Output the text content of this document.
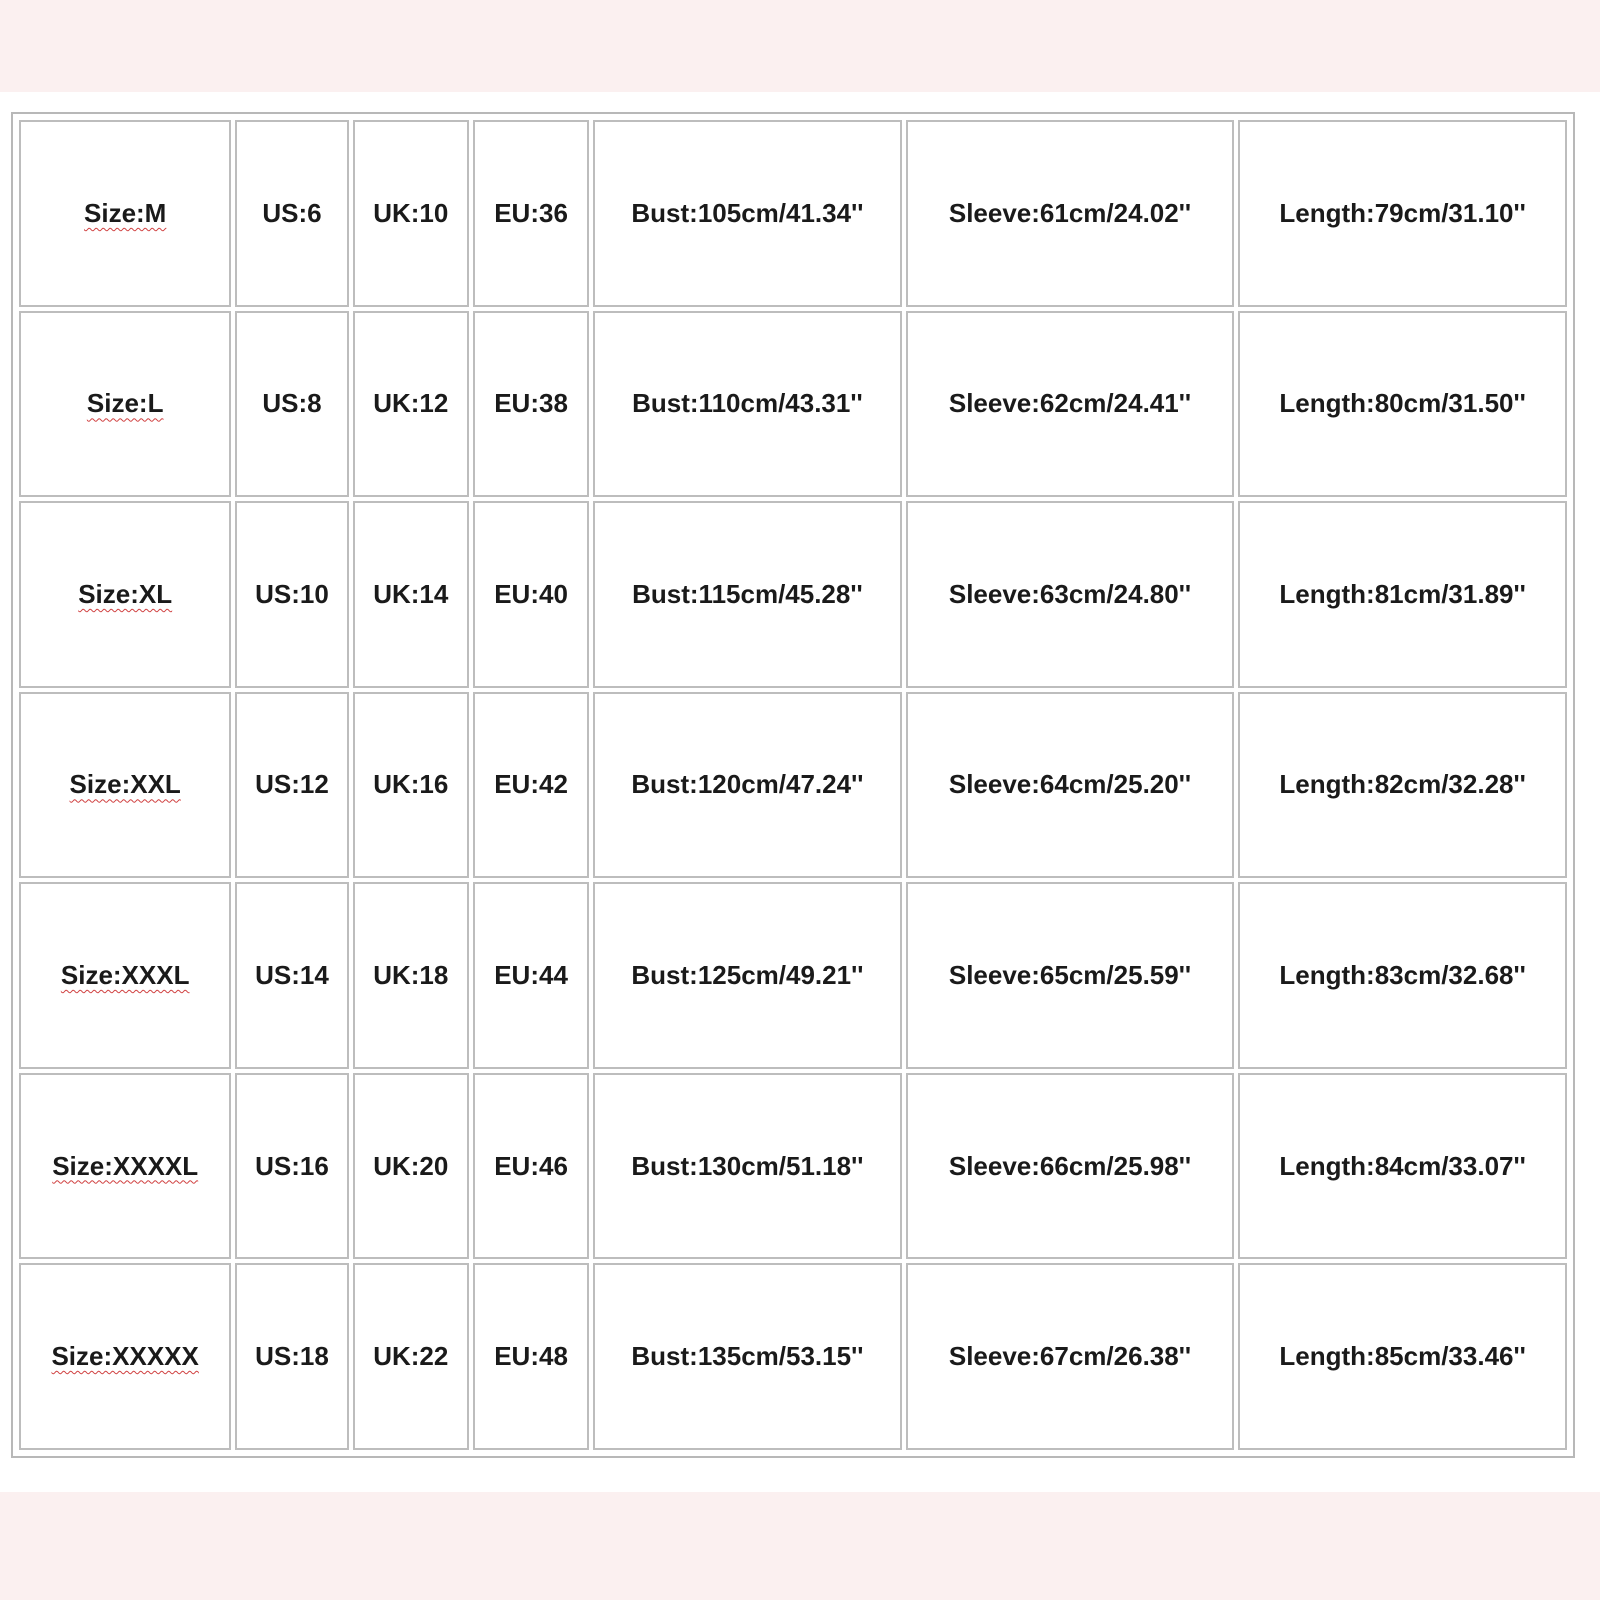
Size:M	US:6	UK:10	EU:36	Bust:105cm/41.34''	Sleeve:61cm/24.02''	Length:79cm/31.10''
Size:L	US:8	UK:12	EU:38	Bust:110cm/43.31''	Sleeve:62cm/24.41''	Length:80cm/31.50''
Size:XL	US:10	UK:14	EU:40	Bust:115cm/45.28''	Sleeve:63cm/24.80''	Length:81cm/31.89''
Size:XXL	US:12	UK:16	EU:42	Bust:120cm/47.24''	Sleeve:64cm/25.20''	Length:82cm/32.28''
Size:XXXL	US:14	UK:18	EU:44	Bust:125cm/49.21''	Sleeve:65cm/25.59''	Length:83cm/32.68''
Size:XXXXL	US:16	UK:20	EU:46	Bust:130cm/51.18''	Sleeve:66cm/25.98''	Length:84cm/33.07''
Size:XXXXX	US:18	UK:22	EU:48	Bust:135cm/53.15''	Sleeve:67cm/26.38''	Length:85cm/33.46''
